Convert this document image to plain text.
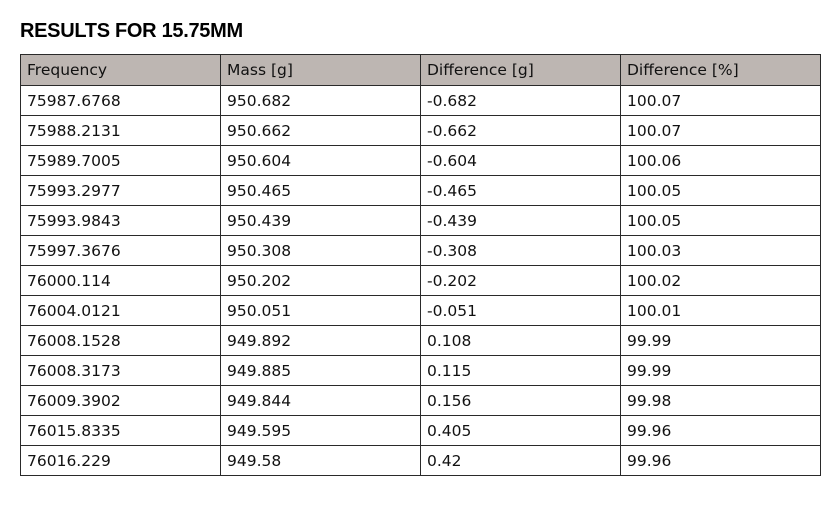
RESULTS FOR 15.75MM
Frequency	Mass [g]	Difference [g]	Difference [%]
75987.6768	950.682	-0.682	100.07
75988.2131	950.662	-0.662	100.07
75989.7005	950.604	-0.604	100.06
75993.2977	950.465	-0.465	100.05
75993.9843	950.439	-0.439	100.05
75997.3676	950.308	-0.308	100.03
76000.114	950.202	-0.202	100.02
76004.0121	950.051	-0.051	100.01
76008.1528	949.892	0.108	99.99
76008.3173	949.885	0.115	99.99
76009.3902	949.844	0.156	99.98
76015.8335	949.595	0.405	99.96
76016.229	949.58	0.42	99.96
